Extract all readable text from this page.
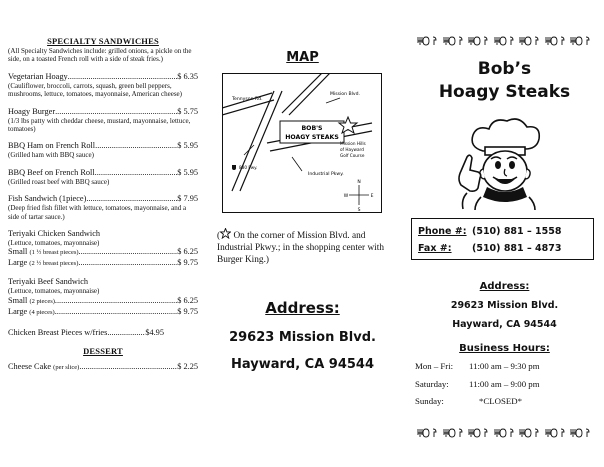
SPECIALTY SANDWICHES
(All Specialty Sandwiches include: grilled onions, a pickle on the side, on a toasted French roll with a side of steak fries.)
Vegetarian Hoagy .....	$ 6.35
(Cauliflower, broccoli, carrots, squash, green bell peppers, mushrooms, lettuce, tomatoes, mayonnaise, American cheese)
Hoagy Burger .....	$ 5.75
(1/3 lbs patty with cheddar cheese, mustard, mayonnaise, lettuce, tomatoes)
BBQ Ham on French Roll .....	$ 5.95
(Grilled ham with BBQ sauce)
BBQ Beef on French Roll .....	$ 5.95
(Grilled roast beef with BBQ sauce)
Fish Sandwich (1piece) .....	$ 7.95
(Deep fried fish fillet with lettuce, tomatoes, mayonnaise, and a side of tartar sauce.)
Teriyaki Chicken Sandwich
(Lettuce, tomatoes, mayonnaise)
Small (1 ½ breast pieces) .....	$ 6.25
Large (2 ½ breast pieces) .....	$ 9.75
Teriyaki Beef Sandwich
(Lettuce, tomatoes, mayonnaise)
Small (2 pieces) .....	$ 6.25
Large (4 pieces) .....	$ 9.75
Chicken Breast Pieces w/fries .....	$4.95
DESSERT
Cheese Cake (per slice) .....	$ 2.25
MAP
BOB'S
HOAGY STEAKS
Tennyson Rd.
Mission Blvd.
Mission Hills
of Hayward
Golf Course
Industrial Pkwy.
880 Fwy.
N
S
E
W
( On the corner of Mission Blvd. and Industrial Pkwy.; in the shopping center with Burger King.)
Address:
29623 Mission Blvd.
Hayward, CA 94544
Bob’s
Hoagy Steaks
Phone #: (510) 881 – 1558
Fax #:	(510) 881 – 4873
Address:
29623 Mission Blvd.
Hayward, CA 94544
Business Hours:
Mon – Fri:	11:00 am – 9:30 pm
Saturday:	11:00 am – 9:00 pm
Sunday:	*CLOSED*
